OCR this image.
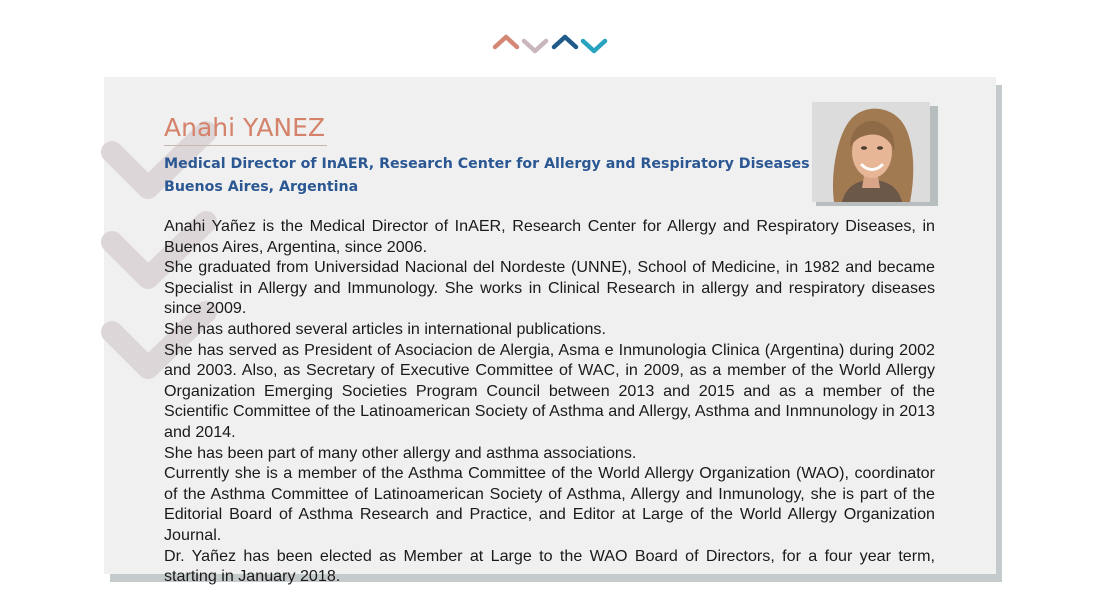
Anahi YANEZ
Medical Director of InAER, Research Center for Allergy and Respiratory Diseases
Buenos Aires, Argentina

Anahi Yañez is the Medical Director of InAER, Research Center for Allergy and Respiratory Diseases, in Buenos Aires, Argentina, since 2006.

She graduated from Universidad Nacional del Nordeste (UNNE), School of Medicine, in 1982 and became Specialist in Allergy and Immunology. She works in Clinical Research in allergy and respiratory diseases since 2009.

She has authored several articles in international publications.

She has served as President of Asociacion de Alergia, Asma e Inmunologia Clinica (Argentina) during 2002 and 2003. Also, as Secretary of Executive Committee of WAC, in 2009, as a member of the World Allergy Organization Emerging Societies Program Council between 2013 and 2015 and as a member of the Scientific Committee of the Latinoamerican Society of Asthma and Allergy, Asthma and Inmnunology in 2013 and 2014.

She has been part of many other allergy and asthma associations.

Currently she is a member of the Asthma Committee of the World Allergy Organization (WAO), coordinator of the Asthma Committee of Latinoamerican Society of Asthma, Allergy and Inmunology, she is part of the Editorial Board of Asthma Research and Practice, and Editor at Large of the World Allergy Organization Journal.

Dr. Yañez has been elected as Member at Large to the WAO Board of Directors, for a four year term, starting in January 2018.
